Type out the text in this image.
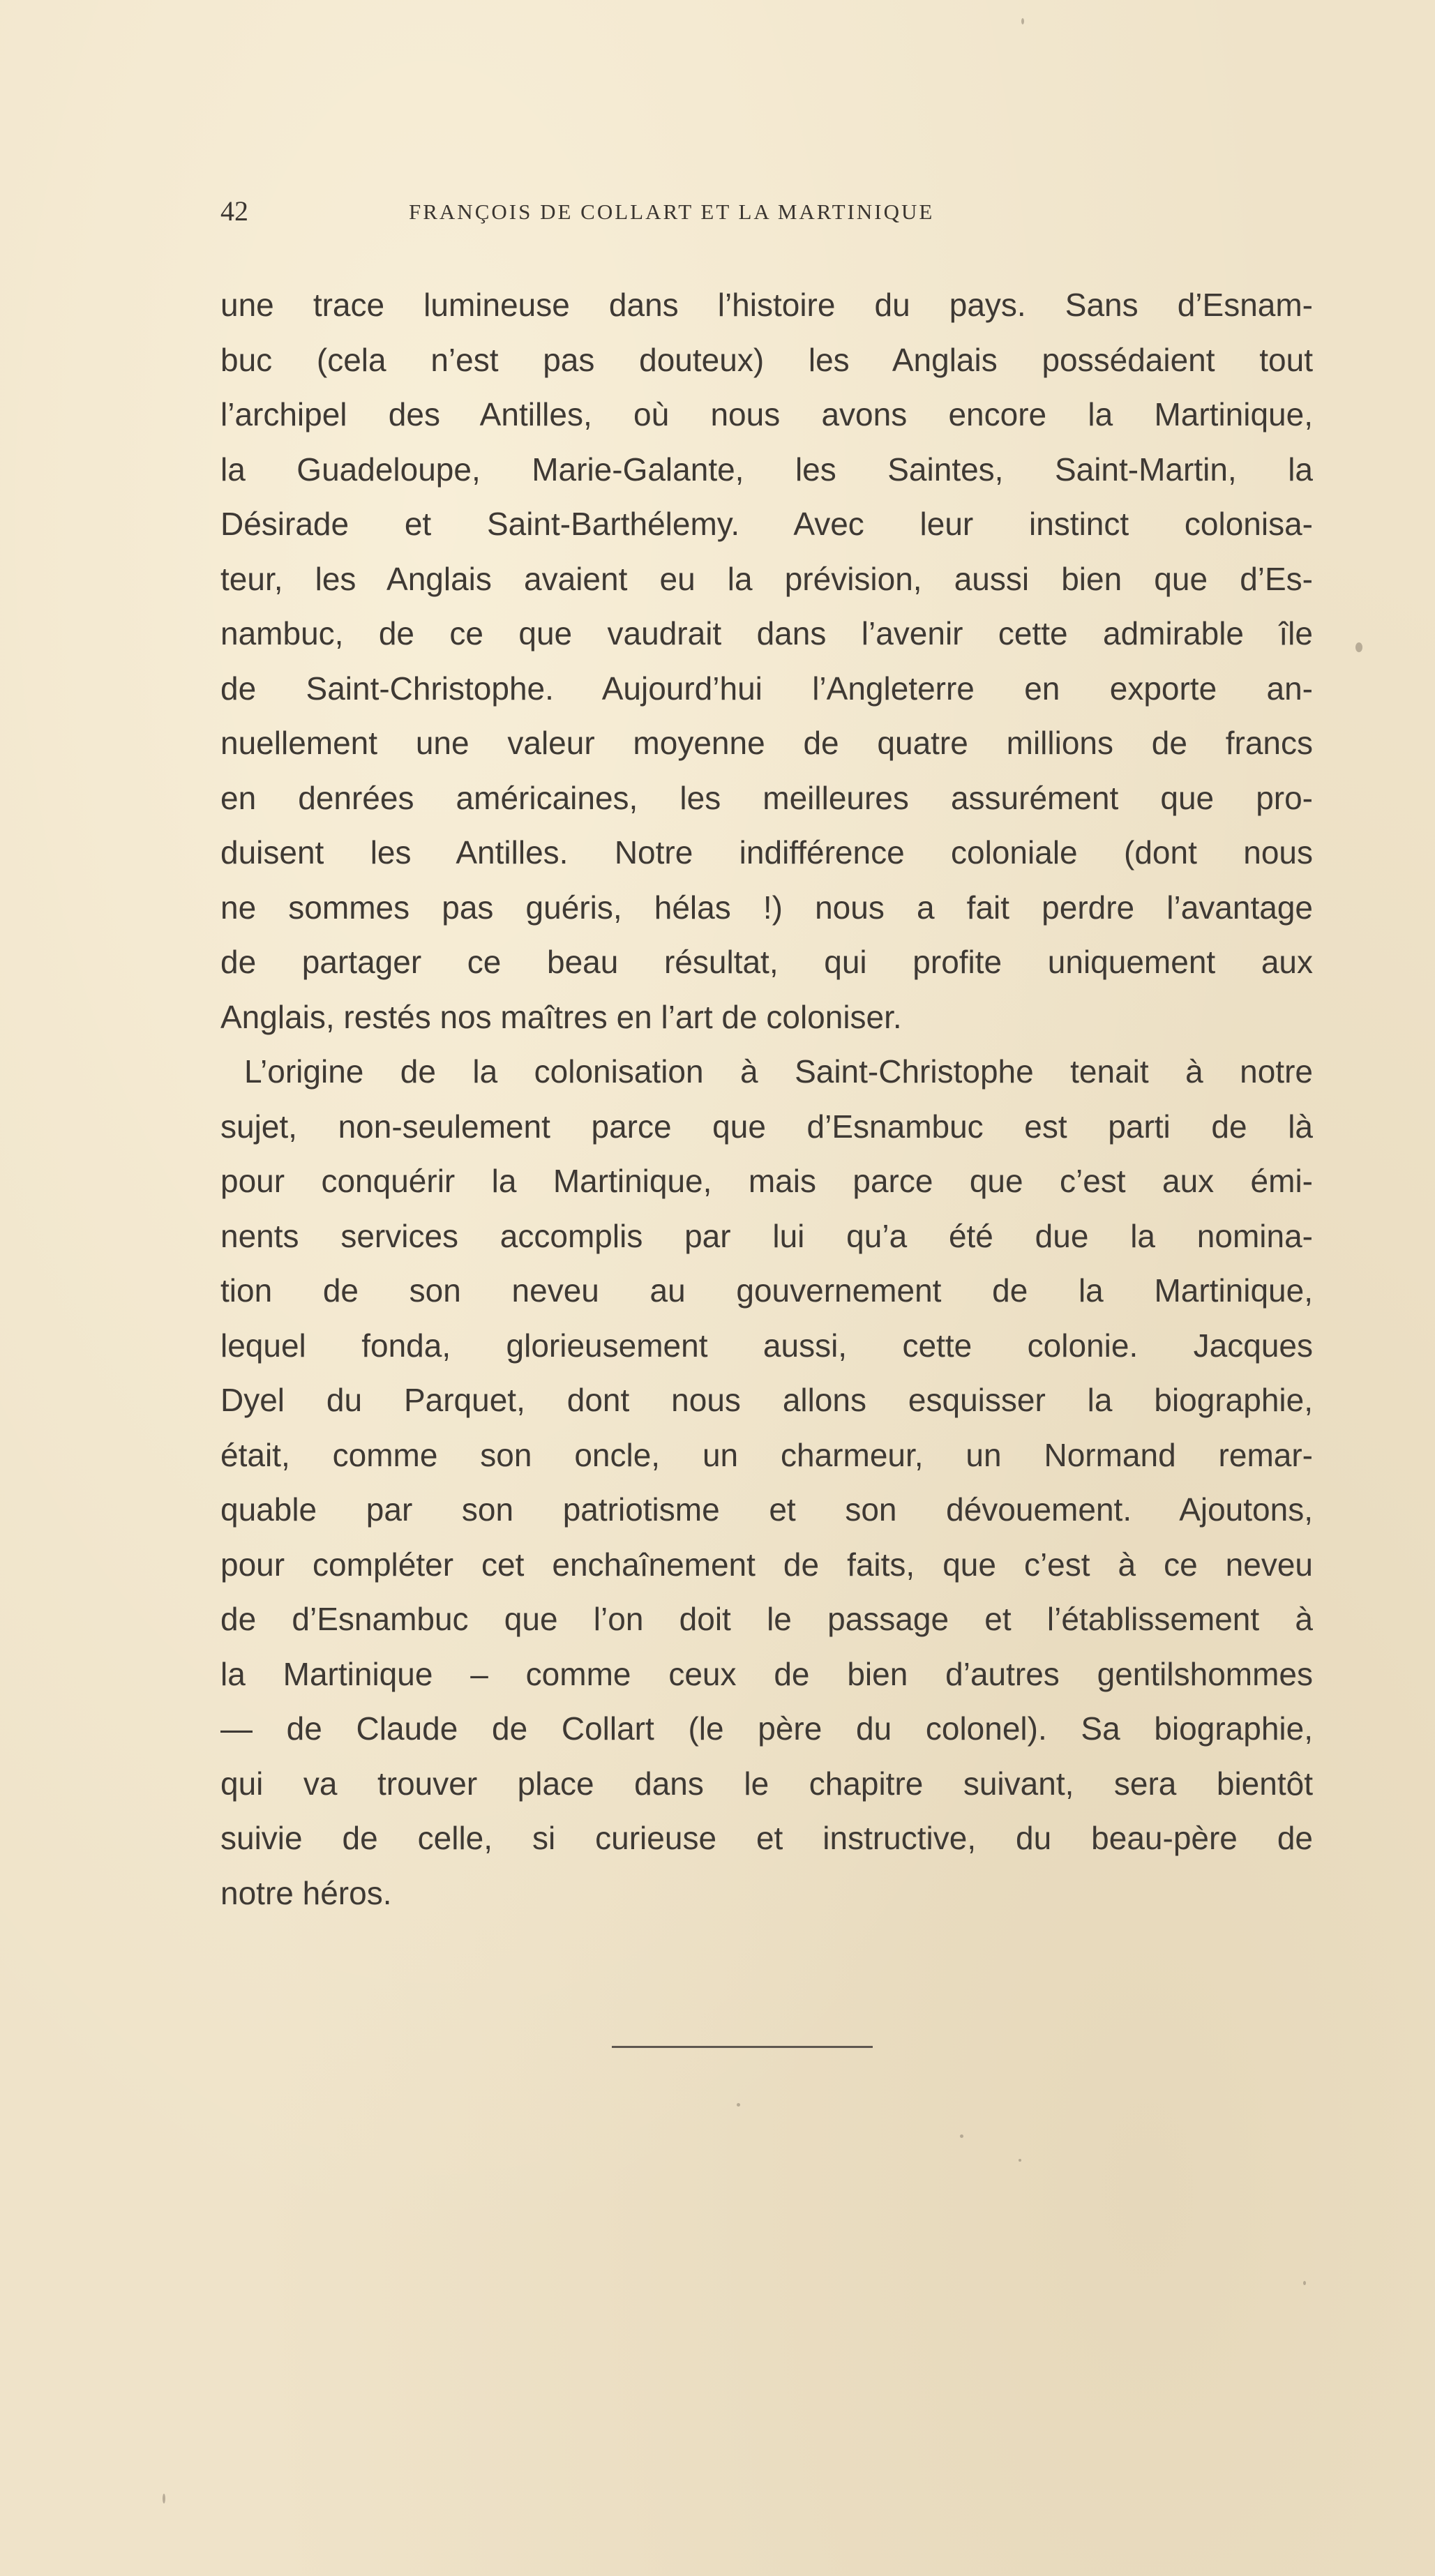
42	FRANÇOIS DE COLLART ET LA MARTINIQUE
une trace lumineuse dans l’histoire du pays. Sans d’Esnam-
buc (cela n’est pas douteux) les Anglais possédaient tout
l’archipel des Antilles, où nous avons encore la Martinique,
la Guadeloupe, Marie-Galante, les Saintes, Saint-Martin, la
Désirade et Saint-Barthélemy. Avec leur instinct colonisa-
teur, les Anglais avaient eu la prévision, aussi bien que d’Es-
nambuc, de ce que vaudrait dans l’avenir cette admirable île
de Saint-Christophe. Aujourd’hui l’Angleterre en exporte an-
nuellement une valeur moyenne de quatre millions de francs
en denrées américaines, les meilleures assurément que pro-
duisent les Antilles. Notre indifférence coloniale (dont nous
ne sommes pas guéris, hélas !) nous a fait perdre l’avantage
de partager ce beau résultat, qui profite uniquement aux
Anglais, restés nos maîtres en l’art de coloniser.
L’origine de la colonisation à Saint-Christophe tenait à notre
sujet, non-seulement parce que d’Esnambuc est parti de là
pour conquérir la Martinique, mais parce que c’est aux émi-
nents services accomplis par lui qu’a été due la nomina-
tion de son neveu au gouvernement de la Martinique,
lequel fonda, glorieusement aussi, cette colonie. Jacques
Dyel du Parquet, dont nous allons esquisser la biographie,
était, comme son oncle, un charmeur, un Normand remar-
quable par son patriotisme et son dévouement. Ajoutons,
pour compléter cet enchaînement de faits, que c’est à ce neveu
de d’Esnambuc que l’on doit le passage et l’établissement à
la Martinique – comme ceux de bien d’autres gentilshommes
— de Claude de Collart (le père du colonel). Sa biographie,
qui va trouver place dans le chapitre suivant, sera bientôt
suivie de celle, si curieuse et instructive, du beau-père de
notre héros.
